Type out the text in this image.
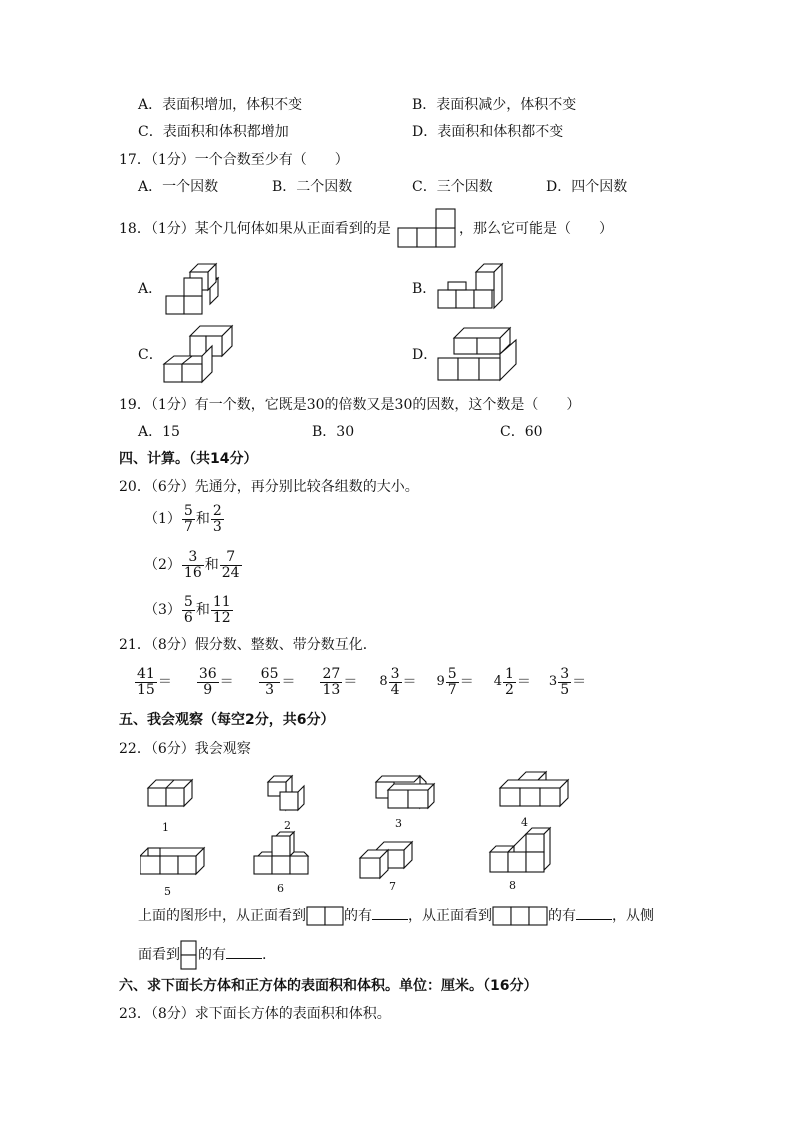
A．表面积增加，体积不变	B．表面积减少，体积不变
C．表面积和体积都增加	D．表面积和体积都不变
17．（1分）一个合数至少有（　　）
A．一个因数	B．二个因数	C．三个因数	D．四个因数
18．（1分）某个几何体如果从正面看到的是	，那么它可能是（　　）
A．	B．
C．	D．
19．（1分）有一个数，它既是30的倍数又是30的因数，这个数是（　　）
A．15	B．30	C．60
四、计算。（共14分）
20．（6分）先通分，再分别比较各组数的大小。
$(1) \frac{5}{7}$ 和 $\frac{2}{3}$
$(2) \frac{3}{16}$ 和 $\frac{7}{24}$
$(3) \frac{5}{6}$ 和 $\frac{11}{12}$
21．（8分）假分数、整数、带分数互化．
$\frac{41}{15} = \frac{36}{9} = \frac{65}{3} = \frac{27}{13} = 8 \frac{3}{4} = 9 \frac{5}{7} = 4 \frac{1}{2} = 3 \frac{3}{5}$ ＝
五、我会观察（每空2分，共6分）
22．（6分）我会观察
1	2	3	4
5	6	7	8
上面的图形中，从正面看到	的有	，从正面看到	的有	，从侧
面看到 的有	.
六、求下面长方体和正方体的表面积和体积。单位：厘米。（16分）
23．（8分）求下面长方体的表面积和体积。
